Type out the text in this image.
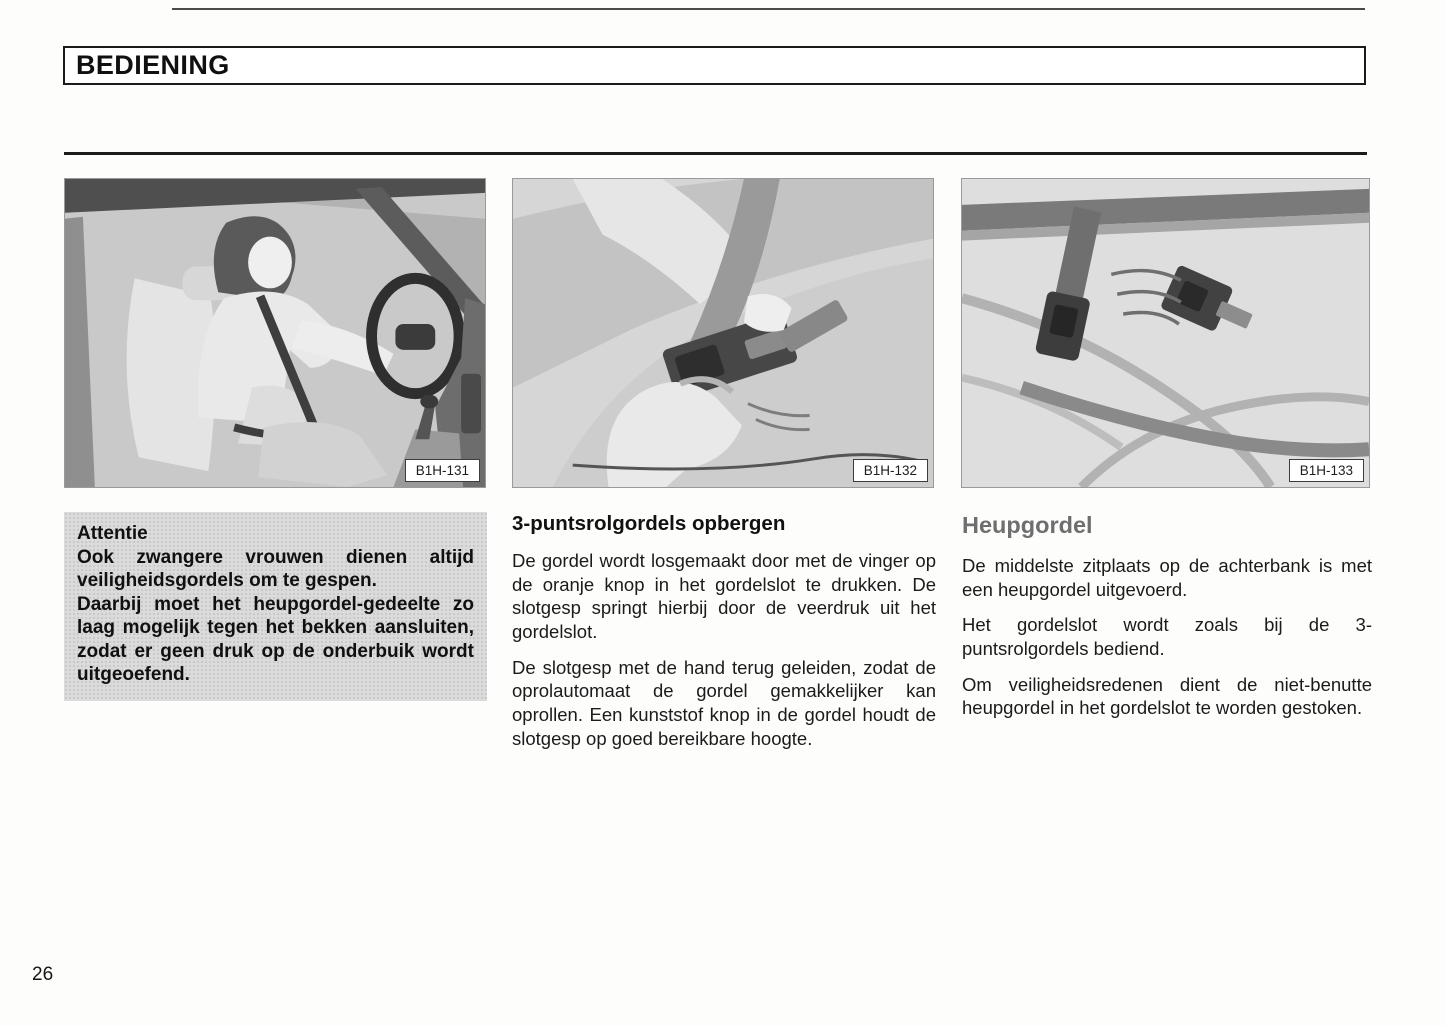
BEDIENING
B1H-131	B1H-132	B1H-133

Attentie

Ook zwangere vrouwen dienen altijd veiligheidsgordels om te gespen.

Daarbij moet het heupgordel-gedeelte zo laag mogelijk tegen het bekken aansluiten, zodat er geen druk op de onderbuik wordt uitgeoefend.

3-puntsrolgordels opbergen

De gordel wordt losgemaakt door met de vinger op de oranje knop in het gordelslot te drukken. De slotgesp springt hierbij door de veerdruk uit het gordelslot.

De slotgesp met de hand terug geleiden, zodat de oprolautomaat de gordel gemakkelijker kan oprollen. Een kunststof knop in de gordel houdt de slotgesp op goed bereikbare hoogte.

Heupgordel

De middelste zitplaats op de achterbank is met een heupgordel uitgevoerd.

Het gordelslot wordt zoals bij de 3-puntsrolgordels bediend.

Om veiligheidsredenen dient de niet-benutte heupgordel in het gordelslot te worden gestoken.

26
